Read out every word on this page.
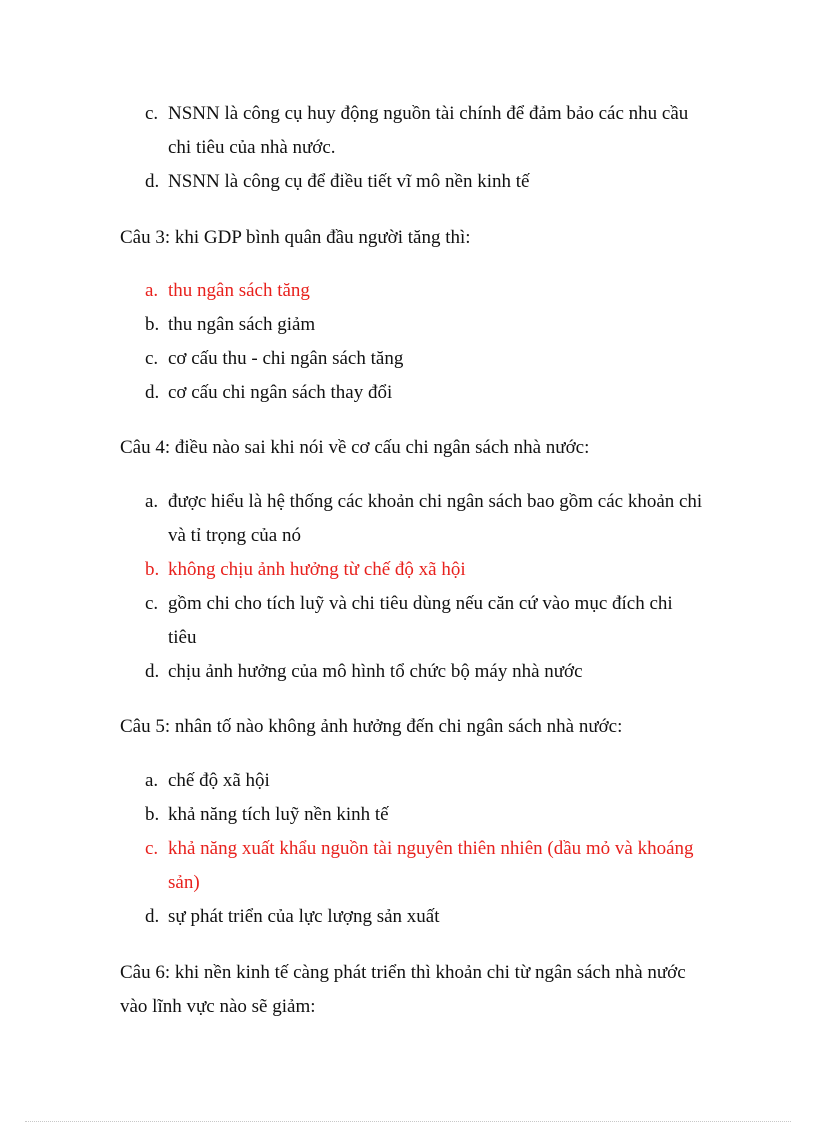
c. NSNN là công cụ huy động nguồn tài chính để đảm bảo các nhu cầu
chi tiêu của nhà nước.
d. NSNN là công cụ để điều tiết vĩ mô nền kinh tế
Câu 3: khi GDP bình quân đầu người tăng thì:
a. thu ngân sách tăng
b. thu ngân sách giảm
c. cơ cấu thu - chi ngân sách tăng
d. cơ cấu chi ngân sách thay đổi
Câu 4: điều nào sai khi nói về cơ cấu chi ngân sách nhà nước:
a. được hiểu là hệ thống các khoản chi ngân sách bao gồm các khoản chi
và tỉ trọng của nó
b. không chịu ảnh hưởng từ chế độ xã hội
c. gồm chi cho tích luỹ và chi tiêu dùng nếu căn cứ vào mục đích chi
tiêu
d. chịu ảnh hưởng của mô hình tổ chức bộ máy nhà nước
Câu 5: nhân tố nào không ảnh hưởng đến chi ngân sách nhà nước:
a. chế độ xã hội
b. khả năng tích luỹ nền kinh tế
c. khả năng xuất khẩu nguồn tài nguyên thiên nhiên (dầu mỏ và khoáng
sản)
d. sự phát triển của lực lượng sản xuất
Câu 6: khi nền kinh tế càng phát triển thì khoản chi từ ngân sách nhà nước
vào lĩnh vực nào sẽ giảm:
